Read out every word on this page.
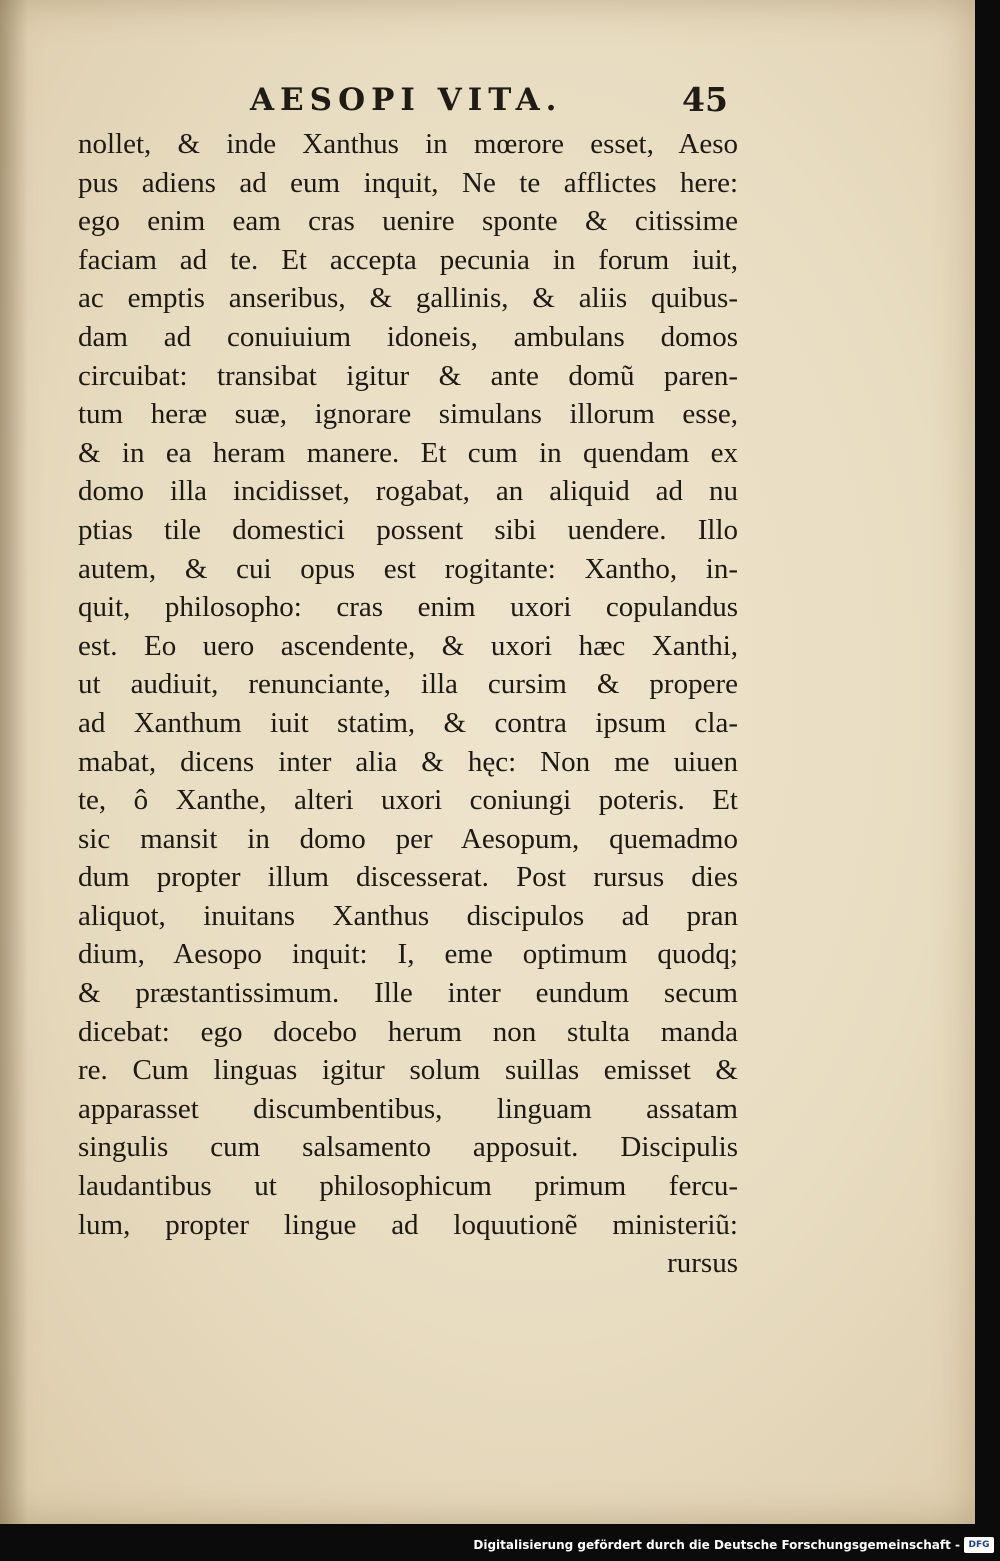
AESOPI VITA.	45
nollet, & inde Xanthus in mœrore esset, Aeso
pus adiens ad eum inquit, Ne te afflictes here:
ego enim eam cras uenire sponte & citissime
faciam ad te. Et accepta pecunia in forum iuit,
ac emptis anseribus, & gallinis, & aliis quibus-
dam ad conuiuium idoneis, ambulans domos
circuibat: transibat igitur & ante domũ paren-
tum heræ suæ, ignorare simulans illorum esse,
& in ea heram manere. Et cum in quendam ex
domo illa incidisset, rogabat, an aliquid ad nu
ptias tile domestici possent sibi uendere. Illo
autem, & cui opus est rogitante: Xantho, in-
quit, philosopho: cras enim uxori copulandus
est. Eo uero ascendente, & uxori hæc Xanthi,
ut audiuit, renunciante, illa cursim & propere
ad Xanthum iuit statim, & contra ipsum cla-
mabat, dicens inter alia & hęc: Non me uiuen
te, ô Xanthe, alteri uxori coniungi poteris. Et
sic mansit in domo per Aesopum, quemadmo
dum propter illum discesserat. Post rursus dies
aliquot, inuitans Xanthus discipulos ad pran
dium, Aesopo inquit: I, eme optimum quodq;
& præstantissimum. Ille inter eundum secum
dicebat: ego docebo herum non stulta manda
re. Cum linguas igitur solum suillas emisset &
apparasset discumbentibus, linguam assatam
singulis cum salsamento apposuit. Discipulis
laudantibus ut philosophicum primum fercu-
lum, propter lingue ad loquutionẽ ministeriũ:
rursus
Digitalisierung gefördert durch die Deutsche Forschungsgemeinschaft - DFG
